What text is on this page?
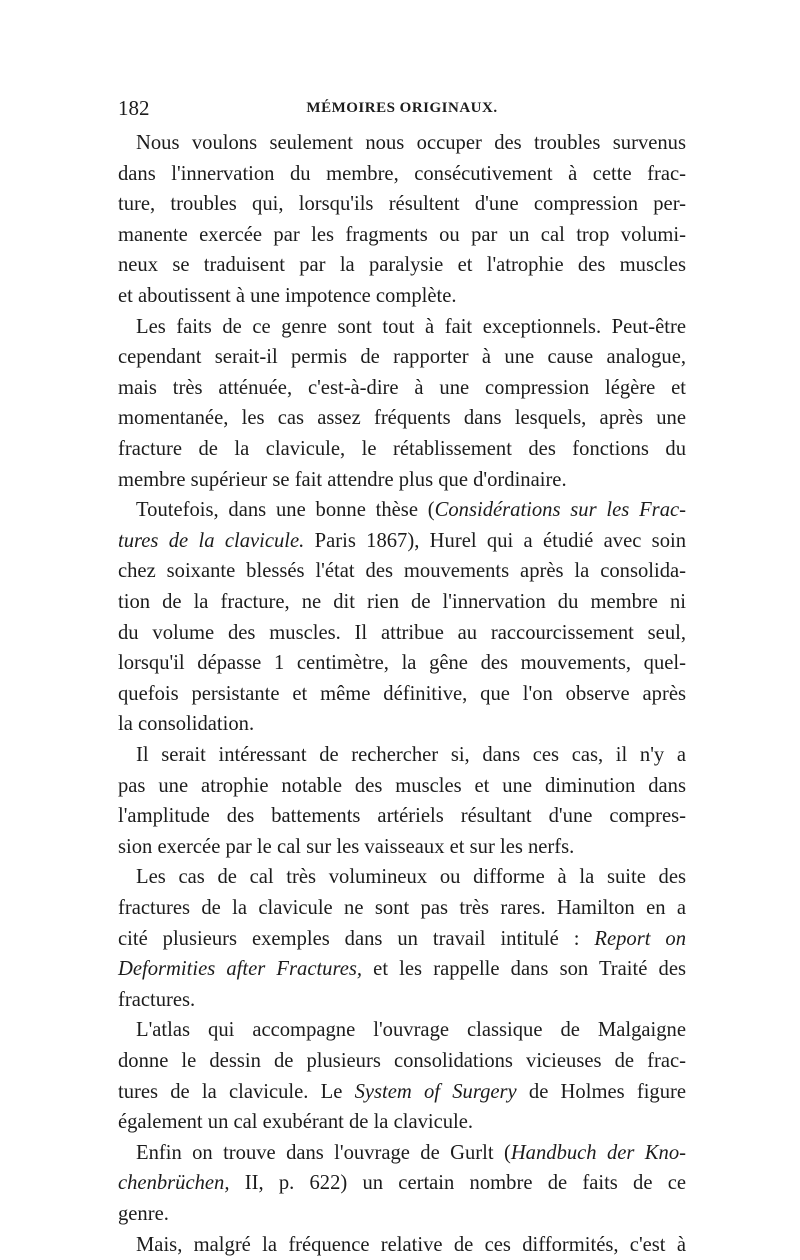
182	MÉMOIRES ORIGINAUX.
Nous voulons seulement nous occuper des troubles survenus
dans l'innervation du membre, consécutivement à cette frac-
ture, troubles qui, lorsqu'ils résultent d'une compression per-
manente exercée par les fragments ou par un cal trop volumi-
neux se traduisent par la paralysie et l'atrophie des muscles
et aboutissent à une impotence complète.
Les faits de ce genre sont tout à fait exceptionnels. Peut-être
cependant serait-il permis de rapporter à une cause analogue,
mais très atténuée, c'est-à-dire à une compression légère et
momentanée, les cas assez fréquents dans lesquels, après une
fracture de la clavicule, le rétablissement des fonctions du
membre supérieur se fait attendre plus que d'ordinaire.
Toutefois, dans une bonne thèse (Considérations sur les Frac-
tures de la clavicule. Paris 1867), Hurel qui a étudié avec soin
chez soixante blessés l'état des mouvements après la consolida-
tion de la fracture, ne dit rien de l'innervation du membre ni
du volume des muscles. Il attribue au raccourcissement seul,
lorsqu'il dépasse 1 centimètre, la gêne des mouvements, quel-
quefois persistante et même définitive, que l'on observe après
la consolidation.
Il serait intéressant de rechercher si, dans ces cas, il n'y a
pas une atrophie notable des muscles et une diminution dans
l'amplitude des battements artériels résultant d'une compres-
sion exercée par le cal sur les vaisseaux et sur les nerfs.
Les cas de cal très volumineux ou difforme à la suite des
fractures de la clavicule ne sont pas très rares. Hamilton en a
cité plusieurs exemples dans un travail intitulé : Report on
Deformities after Fractures, et les rappelle dans son Traité des
fractures.
L'atlas qui accompagne l'ouvrage classique de Malgaigne
donne le dessin de plusieurs consolidations vicieuses de frac-
tures de la clavicule. Le System of Surgery de Holmes figure
également un cal exubérant de la clavicule.
Enfin on trouve dans l'ouvrage de Gurlt (Handbuch der Kno-
chenbrüchen, II, p. 622) un certain nombre de faits de ce
genre.
Mais, malgré la fréquence relative de ces difformités, c'est à
